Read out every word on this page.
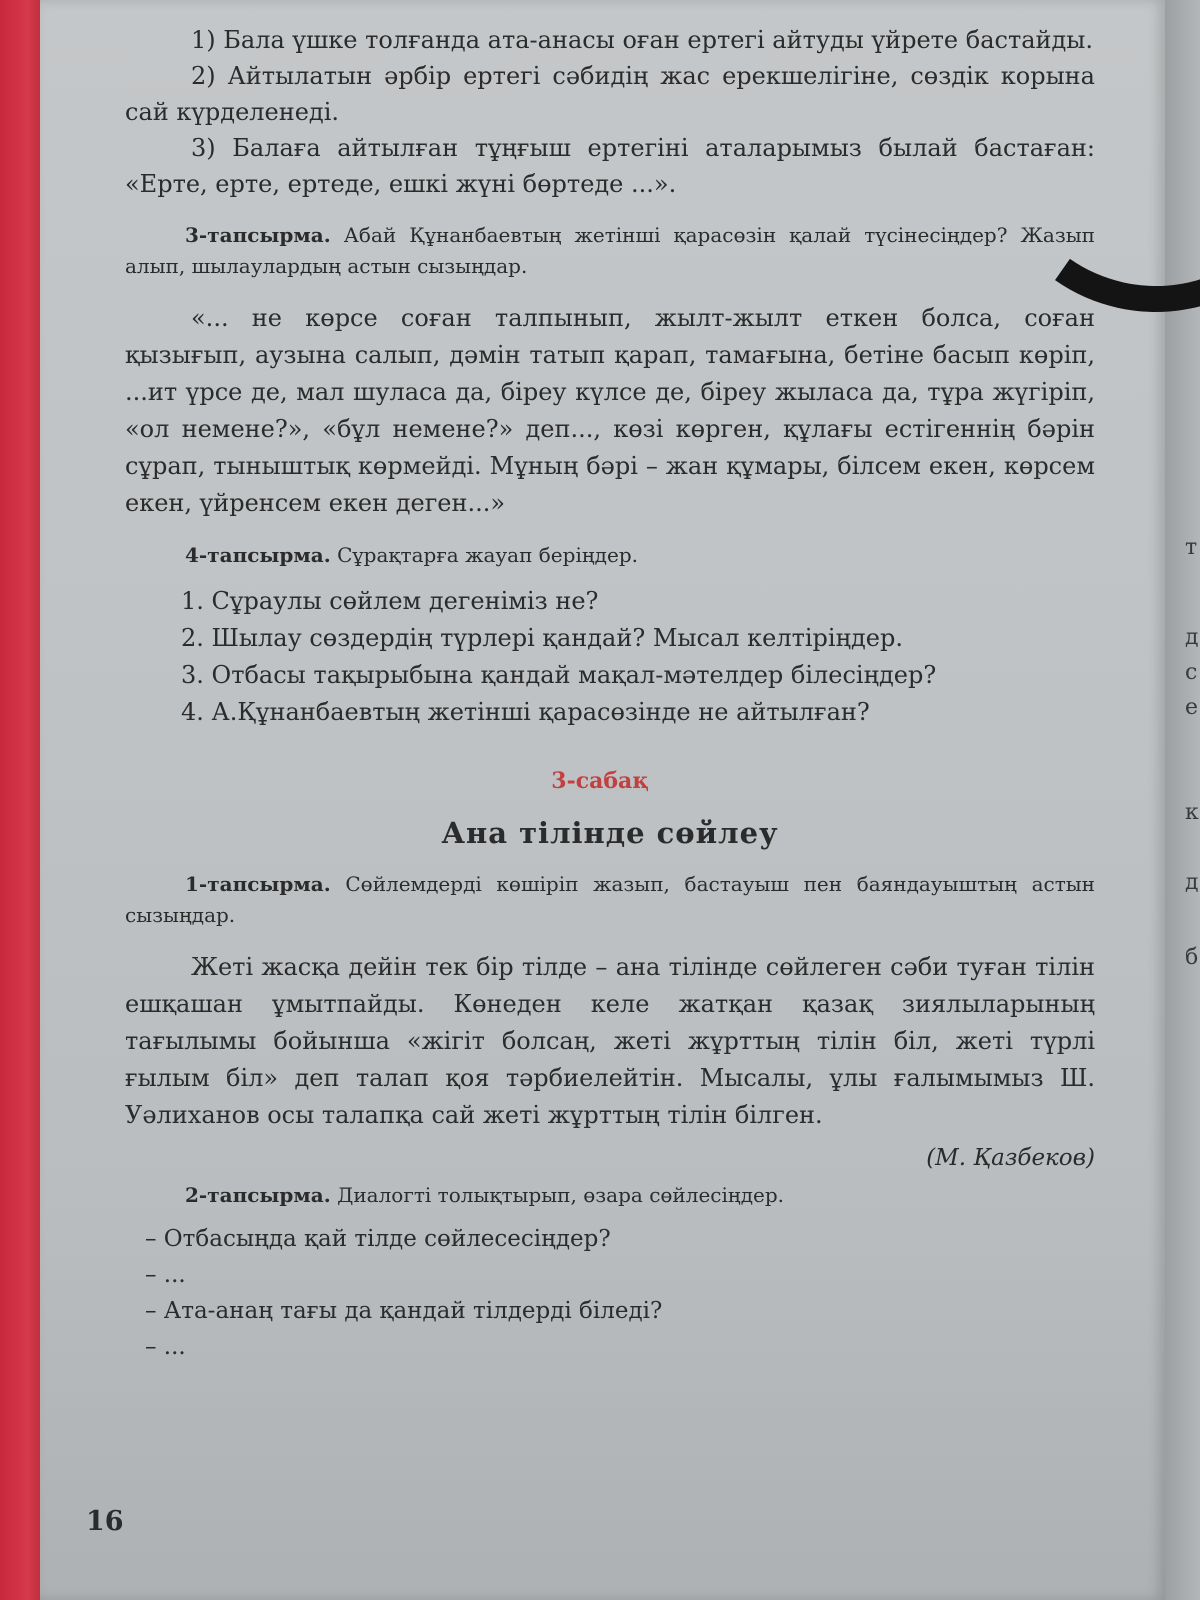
т
д
с
е
к
д
б

1) Бала үшке толғанда ата-анасы оған ертегі айтуды үйрете бастайды.

2) Айтылатын әрбір ертегі сәбидің жас ерекшелігіне, сөздік корына сай күрделенеді.

3) Балаға айтылған тұңғыш ертегіні аталарымыз былай бастаған: «Ерте, ерте, ертеде, ешкі жүні бөртеде ...».

3-тапсырма. Абай Құнанбаевтың жетінші қарасөзін қалай түсінесіңдер? Жазып алып, шылаулардың астын сызыңдар.

«... не көрсе соған талпынып, жылт-жылт еткен болса, соған қызығып, аузына салып, дәмін татып қарап, тамағына, бетіне басып көріп, ...ит үрсе де, мал шуласа да, біреу күлсе де, біреу жыласа да, тұра жүгіріп, «ол немене?», «бұл немене?» деп..., көзі көрген, құлағы естігеннің бәрін сұрап, тыныштық көрмейді. Мұның бәрі – жан құмары, білсем екен, көрсем екен, үйренсем екен деген...»

4-тапсырма. Сұрақтарға жауап беріңдер.

1. Сұраулы сөйлем дегеніміз не?
2. Шылау сөздердің түрлері қандай? Мысал келтіріңдер.
3. Отбасы тақырыбына қандай мақал-мәтелдер білесіңдер?
4. А.Құнанбаевтың жетінші қарасөзінде не айтылған?
3-сабақ
Ана тілінде сөйлеу

1-тапсырма. Сөйлемдерді көшіріп жазып, бастауыш пен баяндауыштың астын сызыңдар.

Жеті жасқа дейін тек бір тілде – ана тілінде сөйлеген сәби туған тілін ешқашан ұмытпайды. Көнеден келе жатқан қазақ зиялыларының тағылымы бойынша «жігіт болсаң, жеті жұрттың тілін біл, жеті түрлі ғылым біл» деп талап қоя тәрбиелейтін. Мысалы, ұлы ғалымымыз Ш. Уәлиханов осы талапқа сай жеті жұрттың тілін білген.

(М. Қазбеков)

2-тапсырма. Диалогті толықтырып, өзара сөйлесіңдер.

– Отбасыңда қай тілде сөйлесесіңдер?
– ...
– Ата-анаң тағы да қандай тілдерді біледі?
– ...
16
